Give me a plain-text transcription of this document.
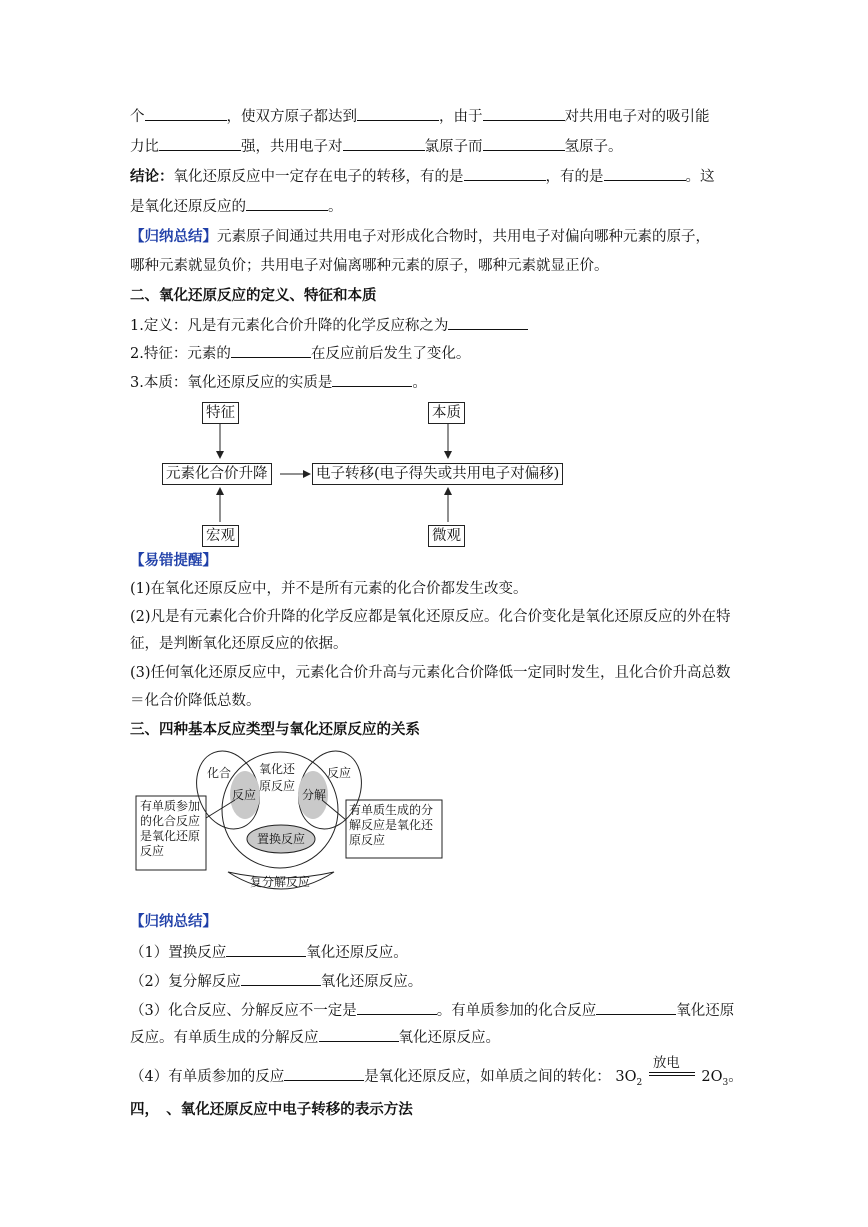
个	，使双方原子都达到	，由于	对共用电子对的吸引能
力比	强，共用电子对	氯原子而	氢原子。
结论：氧化还原反应中一定存在电子的转移，有的是	，有的是	。这
是氧化还原反应的	。
【归纳总结】元素原子间通过共用电子对形成化合物时，共用电子对偏向哪种元素的原子，
哪种元素就显负价；共用电子对偏离哪种元素的原子，哪种元素就显正价。
二、氧化还原反应的定义、特征和本质
1.定义：凡是有元素化合价升降的化学反应称之为
2.特征：元素的	在反应前后发生了变化。
3.本质：氧化还原反应的实质是	。
特征	本质
元素化合价升降	电子转移(电子得失或共用电子对偏移)
宏观	微观
【易错提醒】
(1)在氧化还原反应中，并不是所有元素的化合价都发生改变。
(2)凡是有元素化合价升降的化学反应都是氧化还原反应。化合价变化是氧化还原反应的外在特
征，是判断氧化还原反应的依据。
(3)任何氧化还原反应中，元素化合价升高与元素化合价降低一定同时发生，且化合价升高总数
＝化合价降低总数。
三、四种基本反应类型与氧化还原反应的关系
化合
反应
氧化还
原反应
反应
分解
置换反应
复分解反应
有单质参加
的化合反应
是氧化还原
反应
有单质生成的分
解反应是氧化还
原反应
【归纳总结】
（1）置换反应	氧化还原反应。
（2）复分解反应	氧化还原反应。
（3）化合反应、分解反应不一定是	。有单质参加的化合反应	氧化还原
反应。有单质生成的分解反应	氧化还原反应。
（4）有单质参加的反应	是氧化还原反应，如单质之间的转化： $3O_2$
放电
$2O_3$。
四，　、氧化还原反应中电子转移的表示方法
